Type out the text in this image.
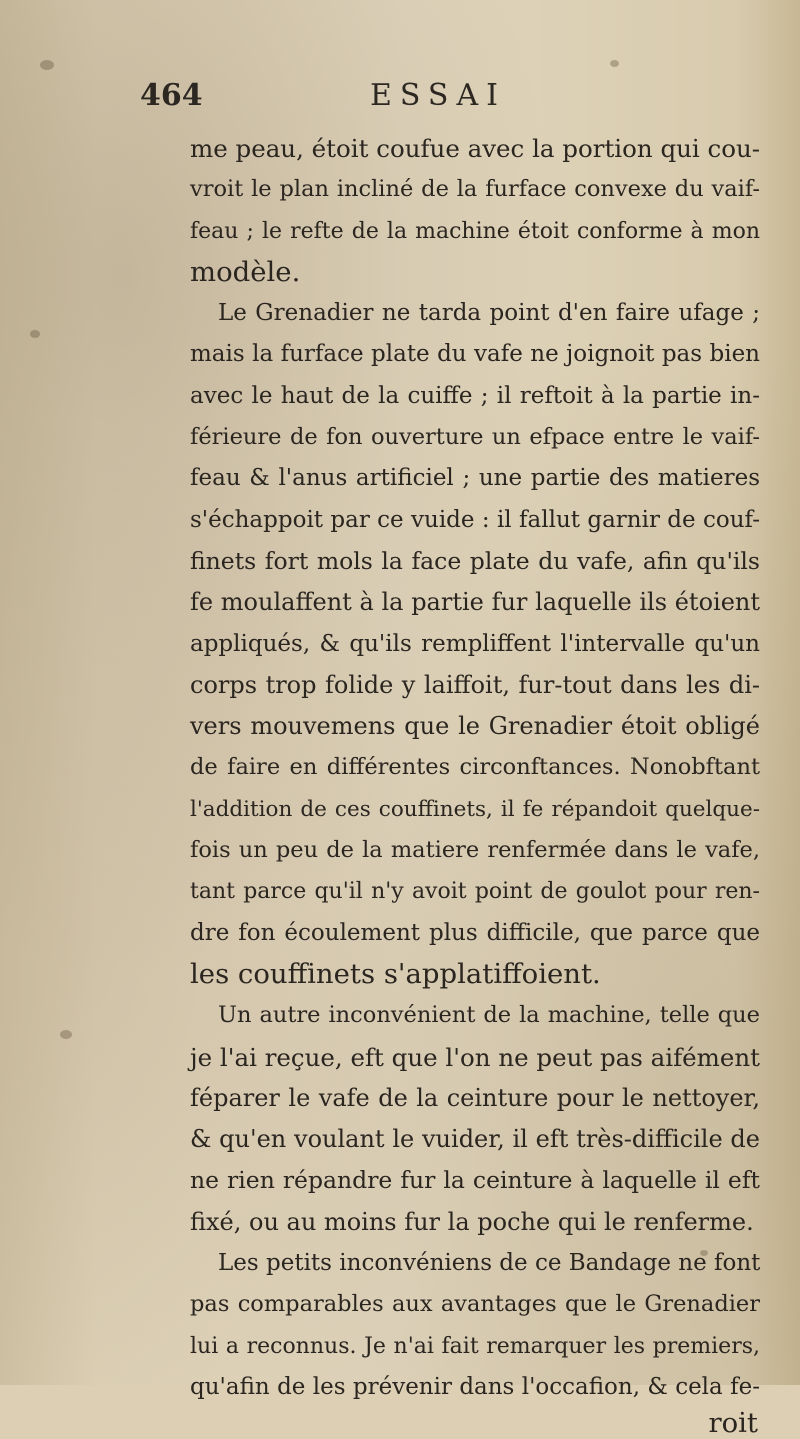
464	ESSAI
me peau, étoit coufue avec la portion qui cou-
vroit le plan incliné de la furface convexe du vaif-
feau ; le refte de la machine étoit conforme à mon
modèle.
Le Grenadier ne tarda point d'en faire ufage ;
mais la furface plate du vafe ne joignoit pas bien
avec le haut de la cuiffe ; il reftoit à la partie in-
férieure de fon ouverture un efpace entre le vaif-
feau & l'anus artificiel ; une partie des matieres
s'échappoit par ce vuide : il fallut garnir de couf-
finets fort mols la face plate du vafe, afin qu'ils
fe moulaffent à la partie fur laquelle ils étoient
appliqués, & qu'ils rempliffent l'intervalle qu'un
corps trop folide y laiffoit, fur-tout dans les di-
vers mouvemens que le Grenadier étoit obligé
de faire en différentes circonftances. Nonobftant
l'addition de ces couffinets, il fe répandoit quelque-
fois un peu de la matiere renfermée dans le vafe,
tant parce qu'il n'y avoit point de goulot pour ren-
dre fon écoulement plus difficile, que parce que
les couffinets s'applatiffoient.
Un autre inconvénient de la machine, telle que
je l'ai reçue, eft que l'on ne peut pas aifément
féparer le vafe de la ceinture pour le nettoyer,
& qu'en voulant le vuider, il eft très-difficile de
ne rien répandre fur la ceinture à laquelle il eft
fixé, ou au moins fur la poche qui le renferme.
Les petits inconvéniens de ce Bandage ne font
pas comparables aux avantages que le Grenadier
lui a reconnus. Je n'ai fait remarquer les premiers,
qu'afin de les prévenir dans l'occafion, & cela fe-
roit
